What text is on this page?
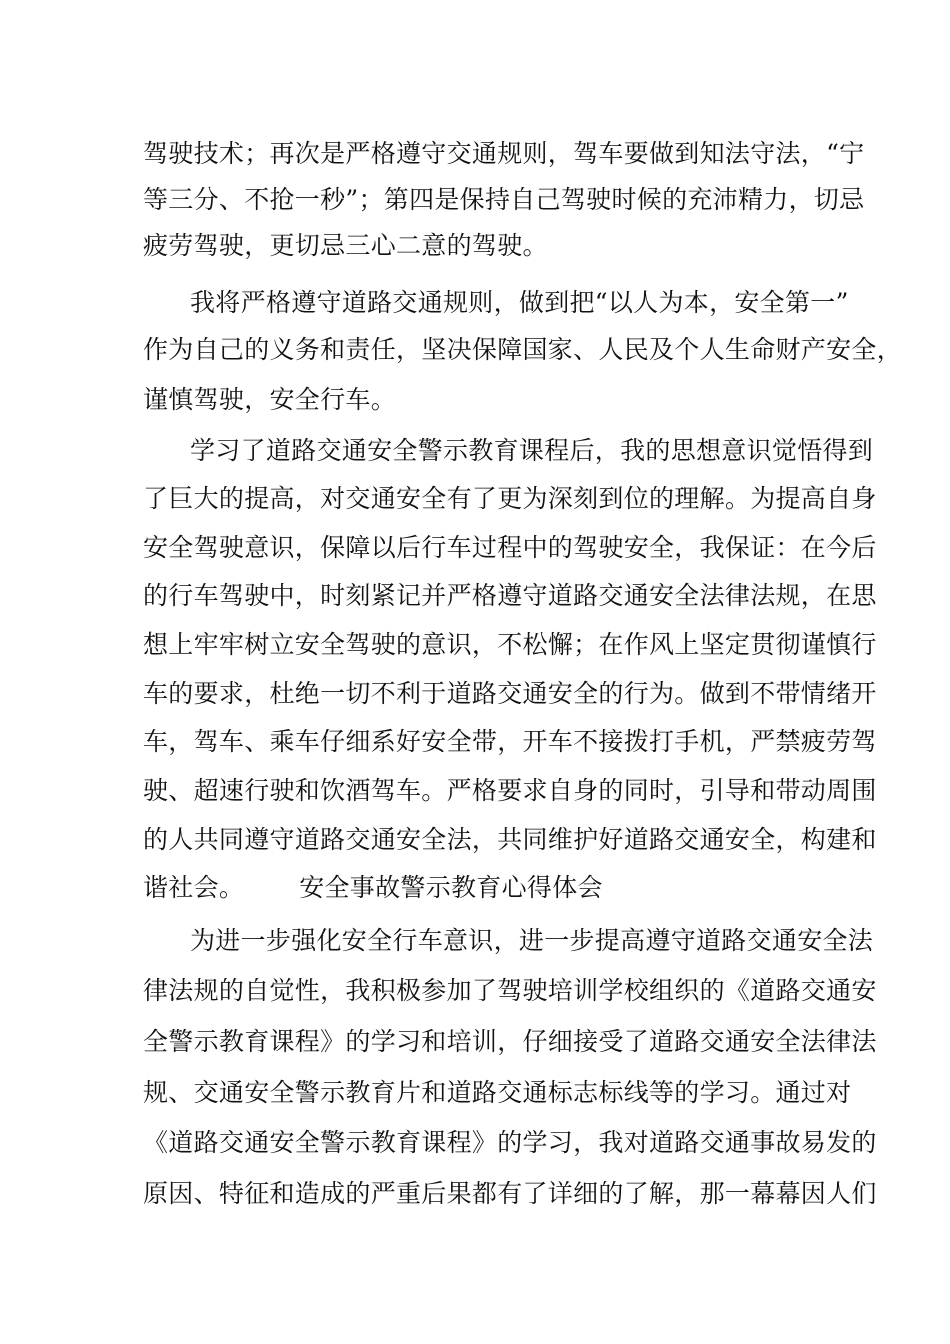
驾驶技术；再次是严格遵守交通规则，驾车要做到知法守法，“宁
等三分、不抢一秒”；第四是保持自己驾驶时候的充沛精力，切忌
疲劳驾驶，更切忌三心二意的驾驶。
我将严格遵守道路交通规则，做到把“以人为本，安全第一”
作为自己的义务和责任，坚决保障国家、人民及个人生命财产安全，
谨慎驾驶，安全行车。
学习了道路交通安全警示教育课程后，我的思想意识觉悟得到
了巨大的提高，对交通安全有了更为深刻到位的理解。为提高自身
安全驾驶意识，保障以后行车过程中的驾驶安全，我保证：在今后
的行车驾驶中，时刻紧记并严格遵守道路交通安全法律法规，在思
想上牢牢树立安全驾驶的意识，不松懈；在作风上坚定贯彻谨慎行
车的要求，杜绝一切不利于道路交通安全的行为。做到不带情绪开
车，驾车、乘车仔细系好安全带，开车不接拨打手机，严禁疲劳驾
驶、超速行驶和饮酒驾车。严格要求自身的同时，引导和带动周围
的人共同遵守道路交通安全法，共同维护好道路交通安全，构建和
谐社会。 安全事故警示教育心得体会
为进一步强化安全行车意识，进一步提高遵守道路交通安全法
律法规的自觉性，我积极参加了驾驶培训学校组织的《道路交通安
全警示教育课程》的学习和培训，仔细接受了道路交通安全法律法
规、交通安全警示教育片和道路交通标志标线等的学习。通过对
《道路交通安全警示教育课程》的学习，我对道路交通事故易发的
原因、特征和造成的严重后果都有了详细的了解，那一幕幕因人们
